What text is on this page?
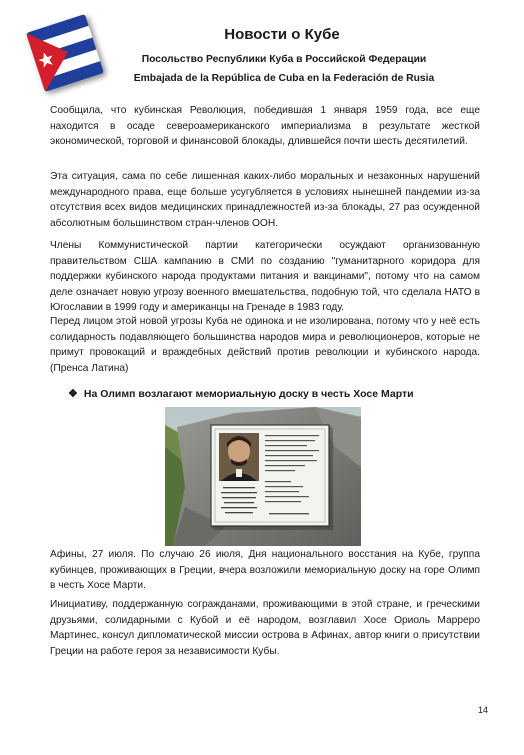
Новости о Кубе
Посольство Республики Куба в Российской Федерации
Embajada de la República de Cuba en la Federación de Rusia

Сообщила, что кубинская Революция, победившая 1 января 1959 года, все еще находится в осаде североамериканского империализма в результате жесткой экономической, торговой и финансовой блокады, длившейся почти шесть десятилетий.

Эта ситуация, сама по себе лишенная каких-либо моральных и незаконных нарушений международного права, еще больше усугубляется в условиях нынешней пандемии из-за отсутствия всех видов медицинских принадлежностей из-за блокады, 27 раз осужденной абсолютным большинством стран-членов ООН.

Члены Коммунистической партии категорически осуждают организованную правительством США кампанию в СМИ по созданию "гуманитарного коридора для поддержки кубинского народа продуктами питания и вакцинами", потому что на самом деле означает новую угрозу военного вмешательства, подобную той, что сделала НАТО в Югославии в 1999 году и американцы на Гренаде в 1983 году.

Перед лицом этой новой угрозы Куба не одинока и не изолирована, потому что у неё есть солидарность подавляющего большинства народов мира и революционеров, которые не примут провокаций и враждебных действий против революции и кубинского народа. (Пренса Латина)

❖ На Олимп возлагают мемориальную доску в честь Хосе Марти

Афины, 27 июля. По случаю 26 июля, Дня национального восстания на Кубе, группа кубинцев, проживающих в Греции, вчера возложили мемориальную доску на горе Олимп в честь Хосе Марти.

Инициативу, поддержанную согражданами, проживающими в этой стране, и греческими друзьями, солидарными с Кубой и её народом, возглавил Хосе Ориоль Марреро Мартинес, консул дипломатической миссии острова в Афинах, автор книги о присутствии Греции на работе героя за независимости Кубы.

14
